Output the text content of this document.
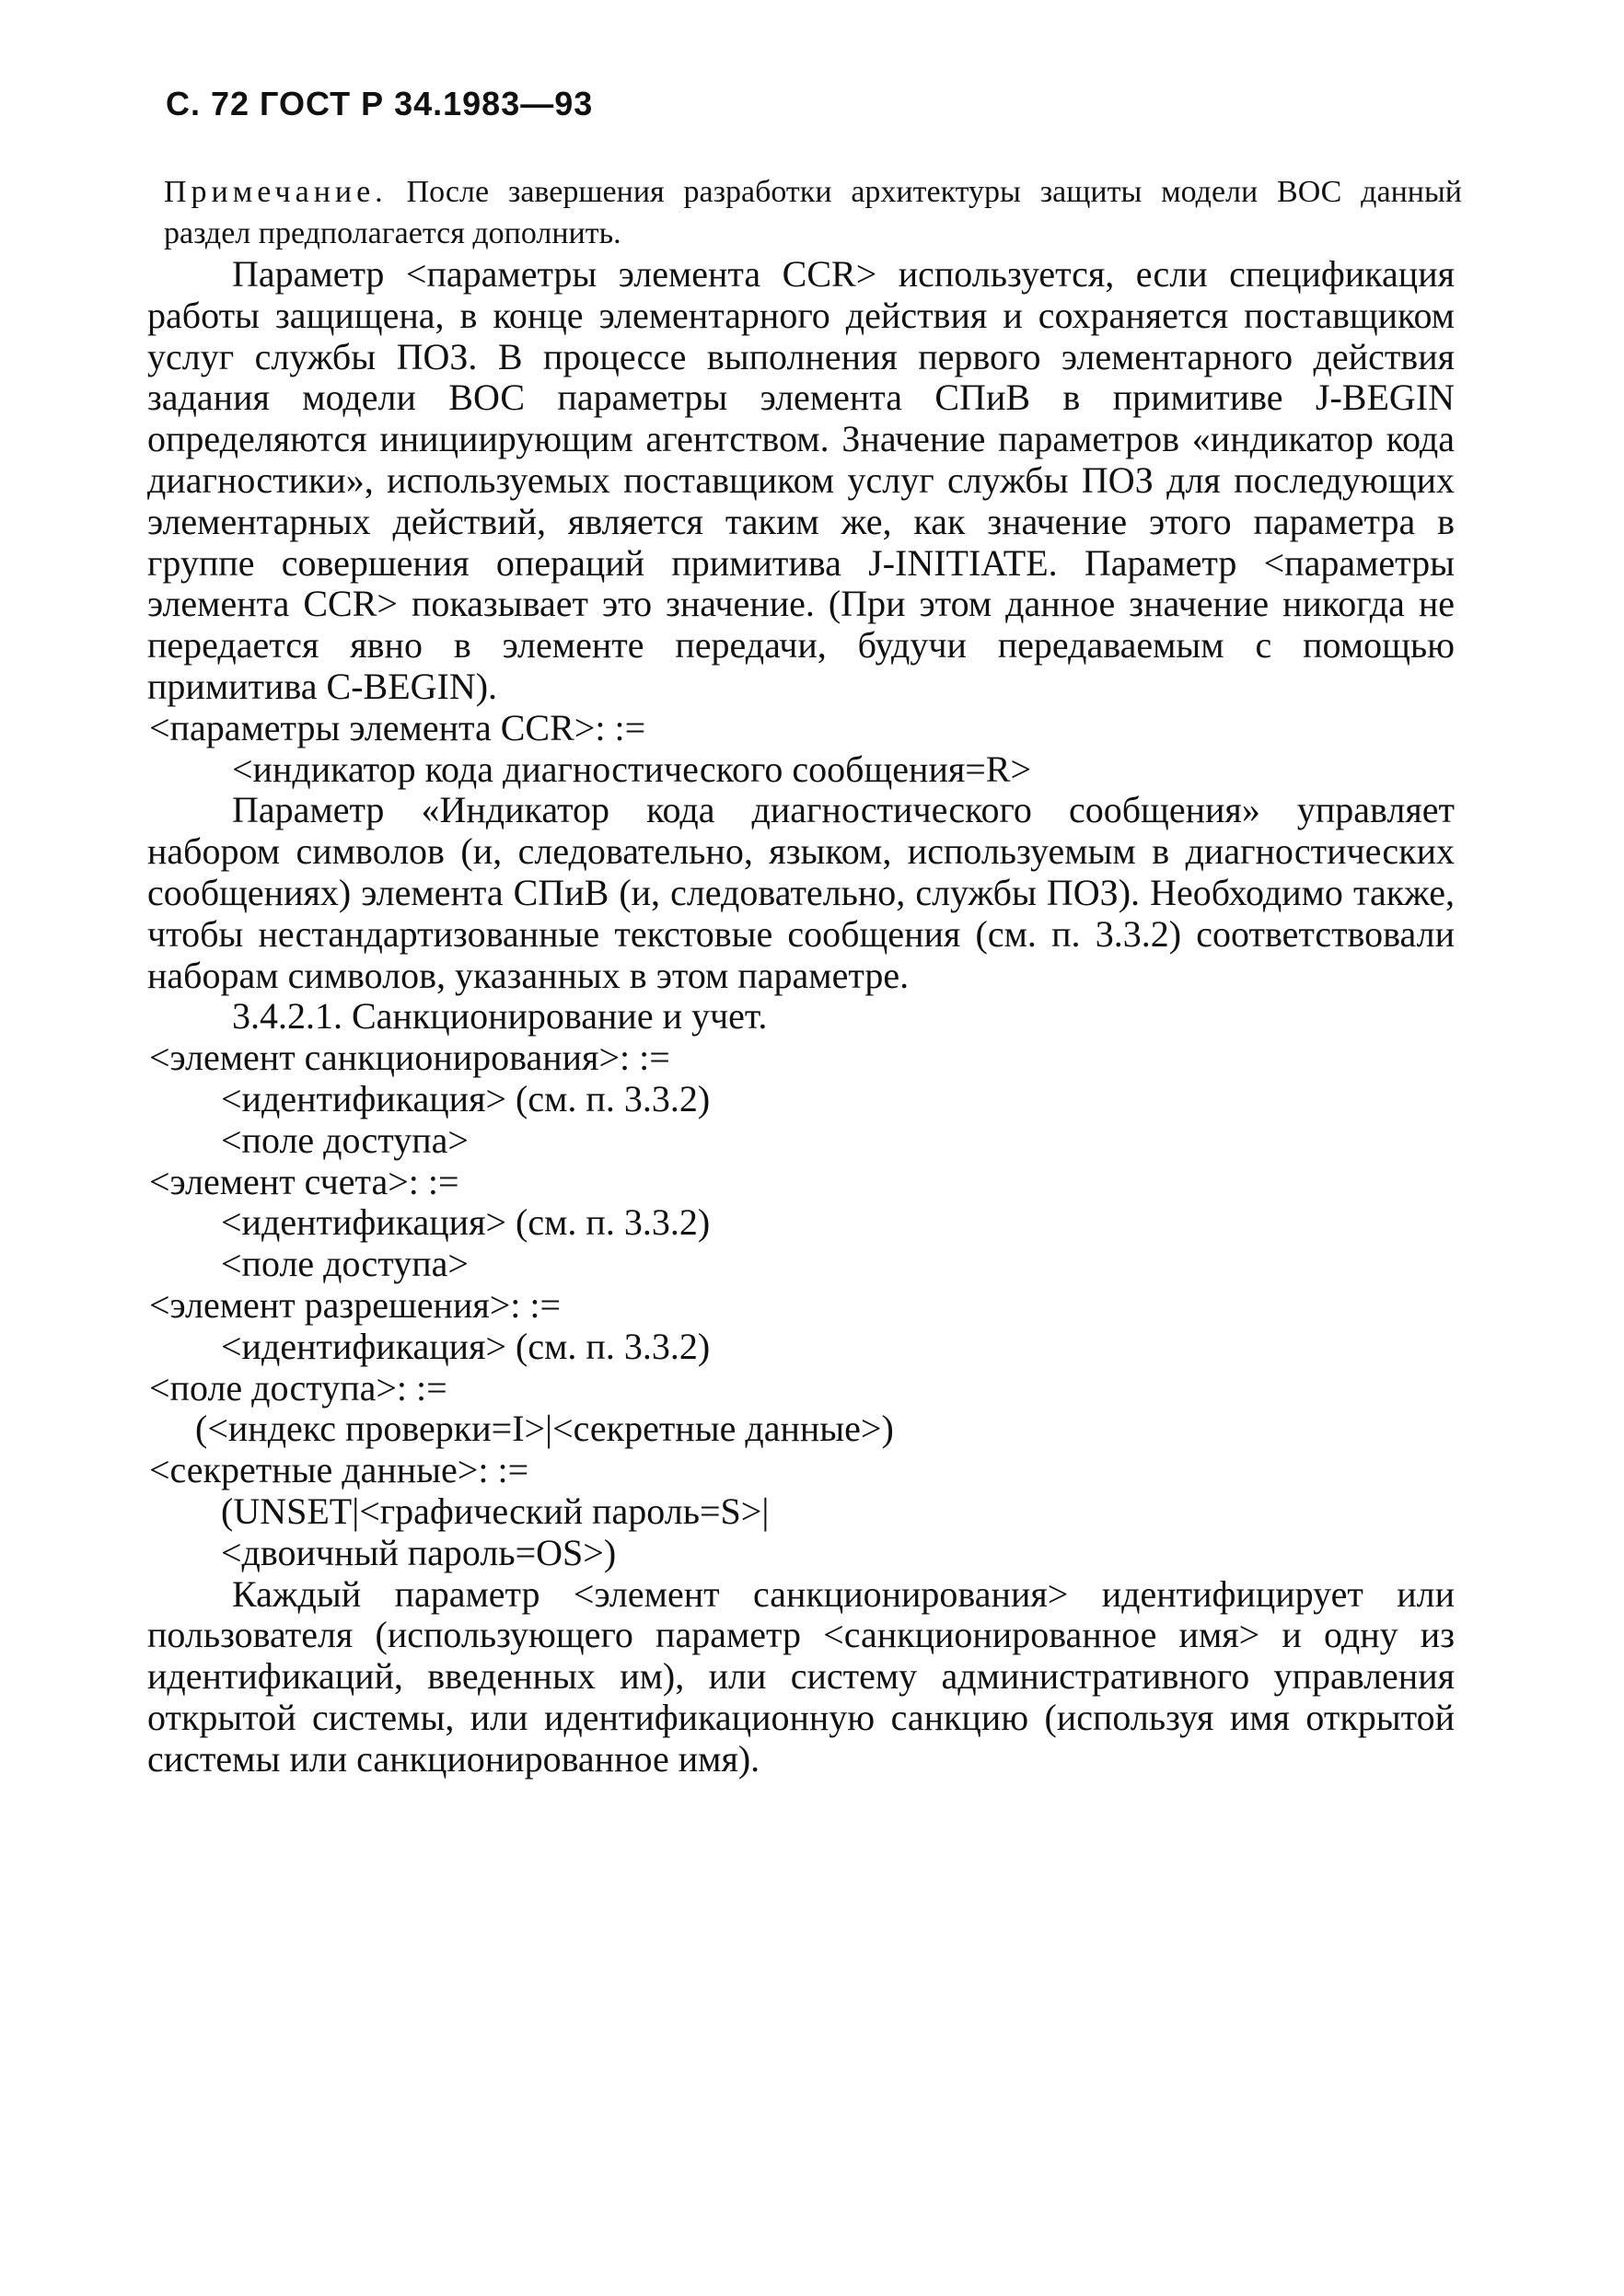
С. 72 ГОСТ Р 34.1983—93
Примечание. После завершения разработки архитектуры защиты модели ВОС данный раздел предполагается дополнить.

Параметр <параметры элемента CCR> используется, если спецификация работы защищена, в конце элементарного действия и сохраняется поставщиком услуг службы ПОЗ. В процессе выполнения первого элементарного действия задания модели ВОС параметры элемента СПиВ в примитиве J-BEGIN определяются инициирующим агентством. Значение параметров «индикатор кода диагностики», используемых поставщиком услуг службы ПОЗ для последующих элементарных действий, является таким же, как значение этого параметра в группе совершения операций примитива J-INITIATE. Параметр <параметры элемента CCR> показывает это значение. (При этом данное значение никогда не передается явно в элементе передачи, будучи передаваемым с помощью примитива C-BEGIN).

<параметры элемента CCR>: :=

<индикатор кода диагностического сообщения=R>

Параметр «Индикатор кода диагностического сообщения» управляет набором символов (и, следовательно, языком, используемым в диагностических сообщениях) элемента СПиВ (и, следовательно, службы ПОЗ). Необходимо также, чтобы нестандартизованные текстовые сообщения (см. п. 3.3.2) соответствовали наборам символов, указанных в этом параметре.

3.4.2.1. Санкционирование и учет.

<элемент санкционирования>: :=

<идентификация> (см. п. 3.3.2)

<поле доступа>

<элемент счета>: :=

<идентификация> (см. п. 3.3.2)

<поле доступа>

<элемент разрешения>: :=

<идентификация> (см. п. 3.3.2)

<поле доступа>: :=

(<индекс проверки=I>|<секретные данные>)

<секретные данные>: :=

(UNSET|<графический пароль=S>|

<двоичный пароль=OS>)

Каждый параметр <элемент санкционирования> идентифицирует или пользователя (использующего параметр <санкционированное имя> и одну из идентификаций, введенных им), или систему административного управления открытой системы, или идентификационную санкцию (используя имя открытой системы или санкционированное имя).
